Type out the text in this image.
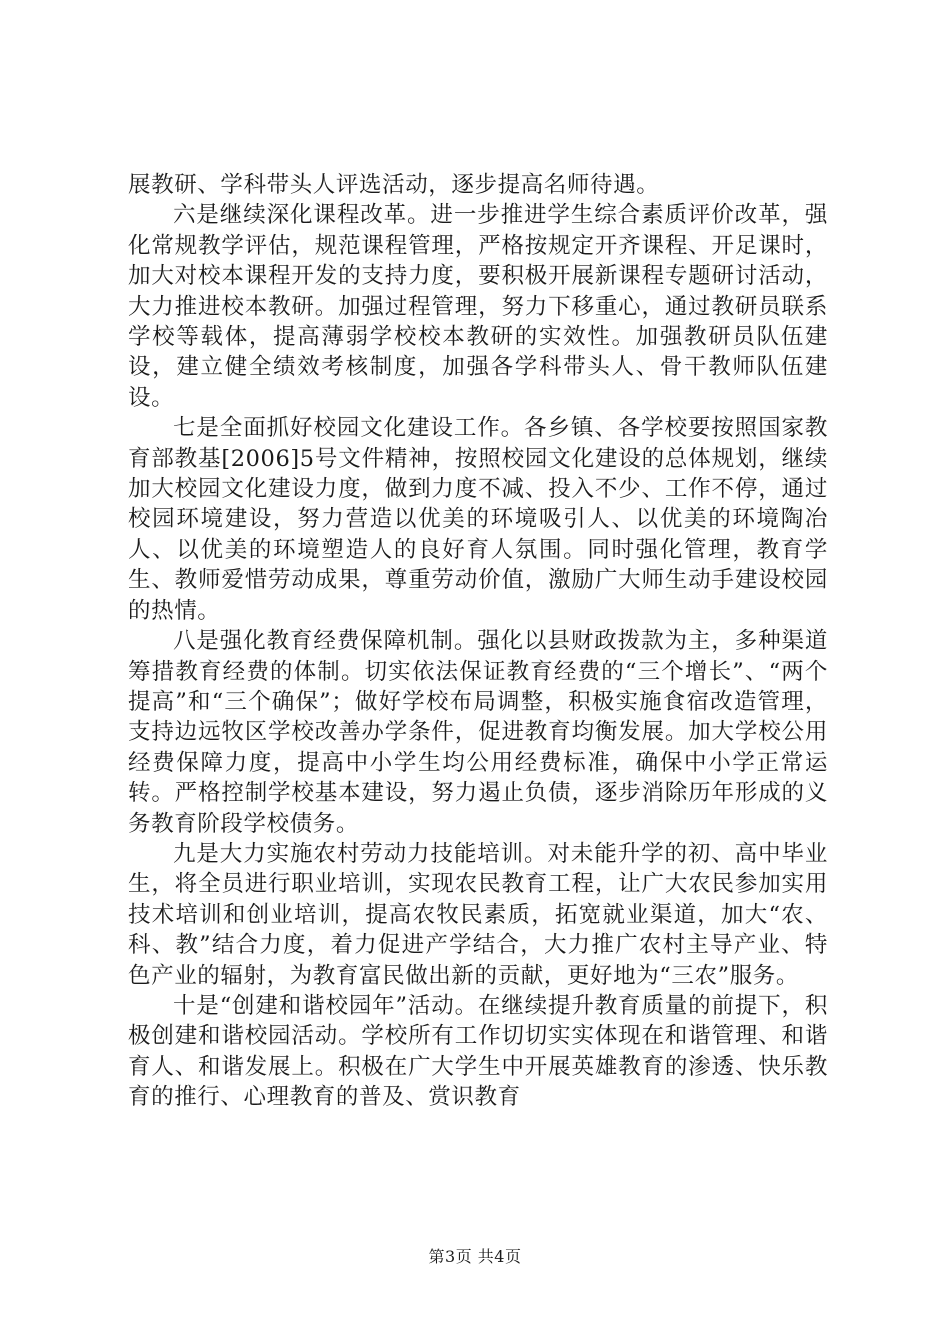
展教研、学科带头人评选活动，逐步提高名师待遇。

六是继续深化课程改革。进一步推进学生综合素质评价改革，强化常规教学评估，规范课程管理，严格按规定开齐课程、开足课时，加大对校本课程开发的支持力度，要积极开展新课程专题研讨活动，大力推进校本教研。加强过程管理，努力下移重心，通过教研员联系学校等载体，提高薄弱学校校本教研的实效性。加强教研员队伍建设，建立健全绩效考核制度，加强各学科带头人、骨干教师队伍建设。

七是全面抓好校园文化建设工作。各乡镇、各学校要按照国家教育部教基[2006]5号文件精神，按照校园文化建设的总体规划，继续加大校园文化建设力度，做到力度不减、投入不少、工作不停，通过校园环境建设，努力营造以优美的环境吸引人、以优美的环境陶冶人、以优美的环境塑造人的良好育人氛围。同时强化管理，教育学生、教师爱惜劳动成果，尊重劳动价值，激励广大师生动手建设校园的热情。

八是强化教育经费保障机制。强化以县财政拨款为主，多种渠道筹措教育经费的体制。切实依法保证教育经费的“三个增长”、“两个提高”和“三个确保”；做好学校布局调整，积极实施食宿改造管理，支持边远牧区学校改善办学条件，促进教育均衡发展。加大学校公用经费保障力度，提高中小学生均公用经费标准，确保中小学正常运转。严格控制学校基本建设，努力遏止负债，逐步消除历年形成的义务教育阶段学校债务。

九是大力实施农村劳动力技能培训。对未能升学的初、高中毕业生，将全员进行职业培训，实现农民教育工程，让广大农民参加实用技术培训和创业培训，提高农牧民素质，拓宽就业渠道，加大“农、科、教”结合力度，着力促进产学结合，大力推广农村主导产业、特色产业的辐射，为教育富民做出新的贡献，更好地为“三农”服务。

十是“创建和谐校园年”活动。在继续提升教育质量的前提下，积极创建和谐校园活动。学校所有工作切切实实体现在和谐管理、和谐育人、和谐发展上。积极在广大学生中开展英雄教育的渗透、快乐教育的推行、心理教育的普及、赏识教育

第3页 共4页
